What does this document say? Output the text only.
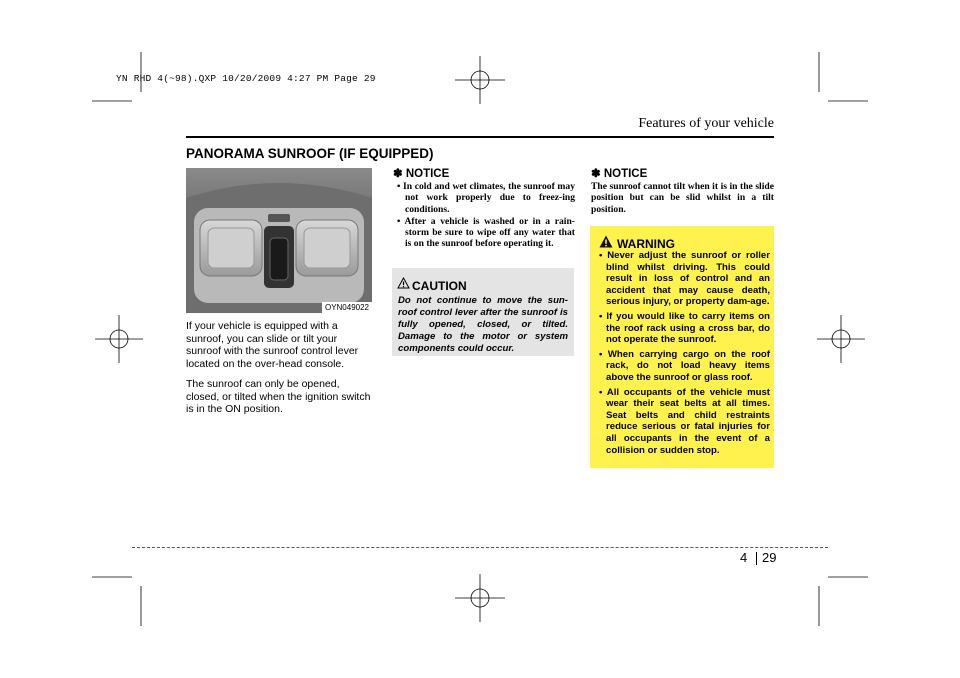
YN RHD 4(~98).QXP 10/20/2009 4:27 PM Page 29
Features of your vehicle
PANORAMA SUNROOF (IF EQUIPPED)
OYN049022
If your vehicle is equipped with a sunroof, you can slide or tilt your sunroof with the sunroof control lever located on the over-head console.
The sunroof can only be opened, closed, or tilted when the ignition switch is in the ON position.
✽ NOTICE
• In cold and wet climates, the sunroof may not work properly due to freez-ing conditions.
• After a vehicle is washed or in a rain-storm be sure to wipe off any water that is on the sunroof before operating it.
CAUTION
Do not continue to move the sun-roof control lever after the sunroof is fully opened, closed, or tilted. Damage to the motor or system components could occur.
✽ NOTICE
The sunroof cannot tilt when it is in the slide position but can be slid whilst in a tilt position.
WARNING
• Never adjust the sunroof or roller blind whilst driving. This could result in loss of control and an accident that may cause death, serious injury, or property dam-age.
• If you would like to carry items on the roof rack using a cross bar, do not operate the sunroof.
• When carrying cargo on the roof rack, do not load heavy items above the sunroof or glass roof.
• All occupants of the vehicle must wear their seat belts at all times. Seat belts and child restraints reduce serious or fatal injuries for all occupants in the event of a collision or sudden stop.
4 29
